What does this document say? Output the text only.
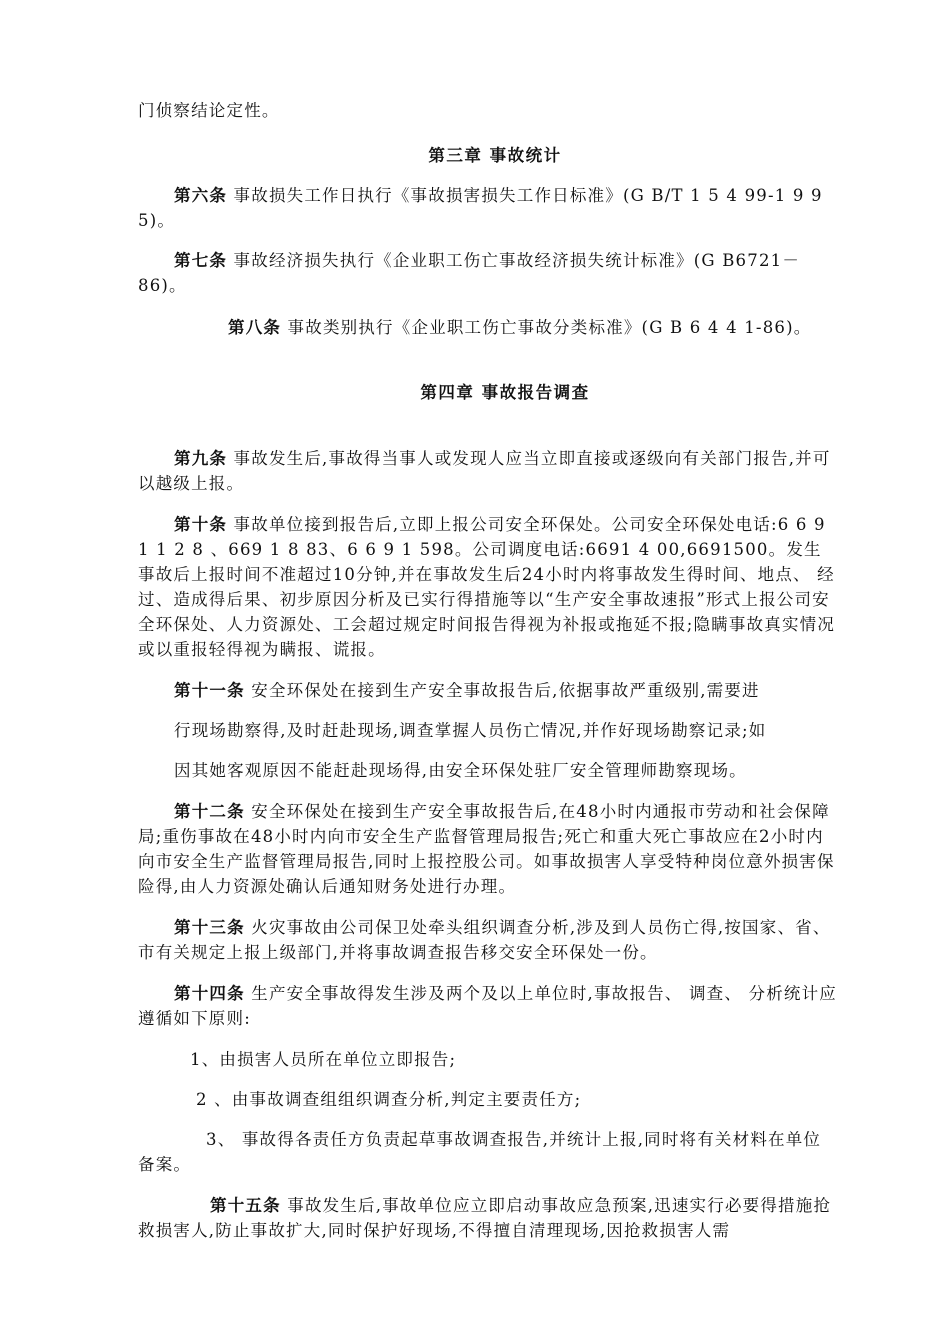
门侦察结论定性。

第三章 事故统计

第六条 事故损失工作日执行《事故损害损失工作日标准》(G B/T 1 5 4 99-1 9 9 5)。

第七条 事故经济损失执行《企业职工伤亡事故经济损失统计标准》(G B6721－86)。

第八条 事故类别执行《企业职工伤亡事故分类标准》(G B 6 4 4 1-86)。

第四章 事故报告调查

第九条 事故发生后,事故得当事人或发现人应当立即直接或逐级向有关部门报告,并可以越级上报。

第十条 事故单位接到报告后,立即上报公司安全环保处。公司安全环保处电话:6 6 9 1 1 2 8 、669 1 8 83、6 6 9 1 598。公司调度电话:6691 4 00,6691500。发生事故后上报时间不准超过10分钟,并在事故发生后24小时内将事故发生得时间、地点、 经过、造成得后果、初步原因分析及已实行得措施等以“生产安全事故速报”形式上报公司安全环保处、人力资源处、工会超过规定时间报告得视为补报或拖延不报;隐瞒事故真实情况或以重报轻得视为瞒报、谎报。

第十一条 安全环保处在接到生产安全事故报告后,依据事故严重级别,需要进

行现场勘察得,及时赶赴现场,调查掌握人员伤亡情况,并作好现场勘察记录;如

因其她客观原因不能赶赴现场得,由安全环保处驻厂安全管理师勘察现场。

第十二条 安全环保处在接到生产安全事故报告后,在48小时内通报市劳动和社会保障局;重伤事故在48小时内向市安全生产监督管理局报告;死亡和重大死亡事故应在2小时内向市安全生产监督管理局报告,同时上报控股公司。如事故损害人享受特种岗位意外损害保险得,由人力资源处确认后通知财务处进行办理。

第十三条 火灾事故由公司保卫处牵头组织调查分析,涉及到人员伤亡得,按国家、省、 市有关规定上报上级部门,并将事故调查报告移交安全环保处一份。

第十四条 生产安全事故得发生涉及两个及以上单位时,事故报告、 调查、 分析统计应遵循如下原则:

1、由损害人员所在单位立即报告;

2 、由事故调查组组织调查分析,判定主要责任方;

3、 事故得各责任方负责起草事故调查报告,并统计上报,同时将有关材料在单位备案。

第十五条 事故发生后,事故单位应立即启动事故应急预案,迅速实行必要得措施抢救损害人,防止事故扩大,同时保护好现场,不得擅自清理现场,因抢救损害人需
